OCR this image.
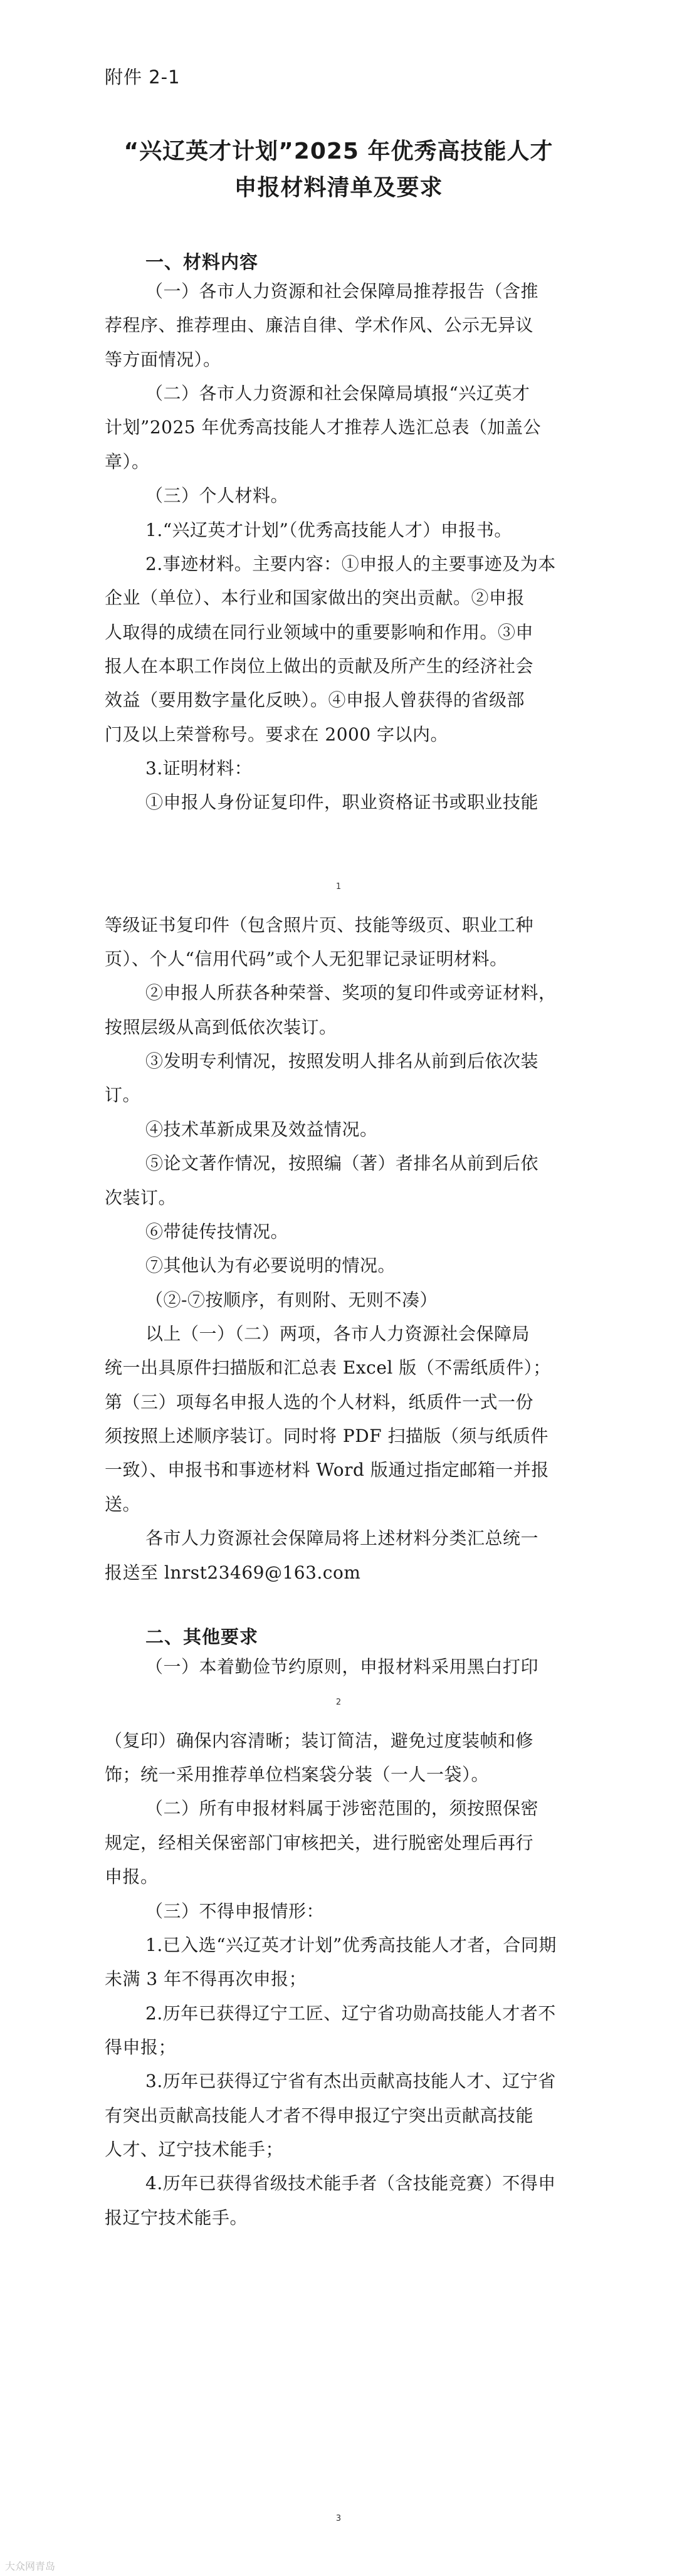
附件 2-1
“兴辽英才计划”2025 年优秀高技能人才
申报材料清单及要求
一、材料内容
二、其他要求
（一）各市人力资源和社会保障局推荐报告（含推
荐程序、推荐理由、廉洁自律、学术作风、公示无异议
等方面情况）。
（二）各市人力资源和社会保障局填报“兴辽英才
计划”2025 年优秀高技能人才推荐人选汇总表（加盖公
章）。
（三）个人材料。
1.“兴辽英才计划”（优秀高技能人才）申报书。
2.事迹材料。主要内容：①申报人的主要事迹及为本
企业（单位）、本行业和国家做出的突出贡献。②申报
人取得的成绩在同行业领域中的重要影响和作用。③申
报人在本职工作岗位上做出的贡献及所产生的经济社会
效益（要用数字量化反映）。④申报人曾获得的省级部
门及以上荣誉称号。要求在 2000 字以内。
3.证明材料：
①申报人身份证复印件，职业资格证书或职业技能
等级证书复印件（包含照片页、技能等级页、职业工种
页）、个人“信用代码”或个人无犯罪记录证明材料。
②申报人所获各种荣誉、奖项的复印件或旁证材料，
按照层级从高到低依次装订。
③发明专利情况，按照发明人排名从前到后依次装
订。
④技术革新成果及效益情况。
⑤论文著作情况，按照编（著）者排名从前到后依
次装订。
⑥带徒传技情况。
⑦其他认为有必要说明的情况。
（②-⑦按顺序，有则附、无则不凑）
以上（一）（二）两项，各市人力资源社会保障局
统一出具原件扫描版和汇总表 Excel 版（不需纸质件）；
第（三）项每名申报人选的个人材料，纸质件一式一份
须按照上述顺序装订。同时将 PDF 扫描版（须与纸质件
一致）、申报书和事迹材料 Word 版通过指定邮箱一并报
送。
各市人力资源社会保障局将上述材料分类汇总统一
报送至 lnrst23469@163.com
（一）本着勤俭节约原则，申报材料采用黑白打印
（复印）确保内容清晰；装订简洁，避免过度装帧和修
饰；统一采用推荐单位档案袋分装（一人一袋）。
（二）所有申报材料属于涉密范围的，须按照保密
规定，经相关保密部门审核把关，进行脱密处理后再行
申报。
（三）不得申报情形：
1.已入选“兴辽英才计划”优秀高技能人才者，合同期
未满 3 年不得再次申报；
2.历年已获得辽宁工匠、辽宁省功勋高技能人才者不
得申报；
3.历年已获得辽宁省有杰出贡献高技能人才、辽宁省
有突出贡献高技能人才者不得申报辽宁突出贡献高技能
人才、辽宁技术能手；
4.历年已获得省级技术能手者（含技能竞赛）不得申
报辽宁技术能手。
1
2
3
大众网青岛
